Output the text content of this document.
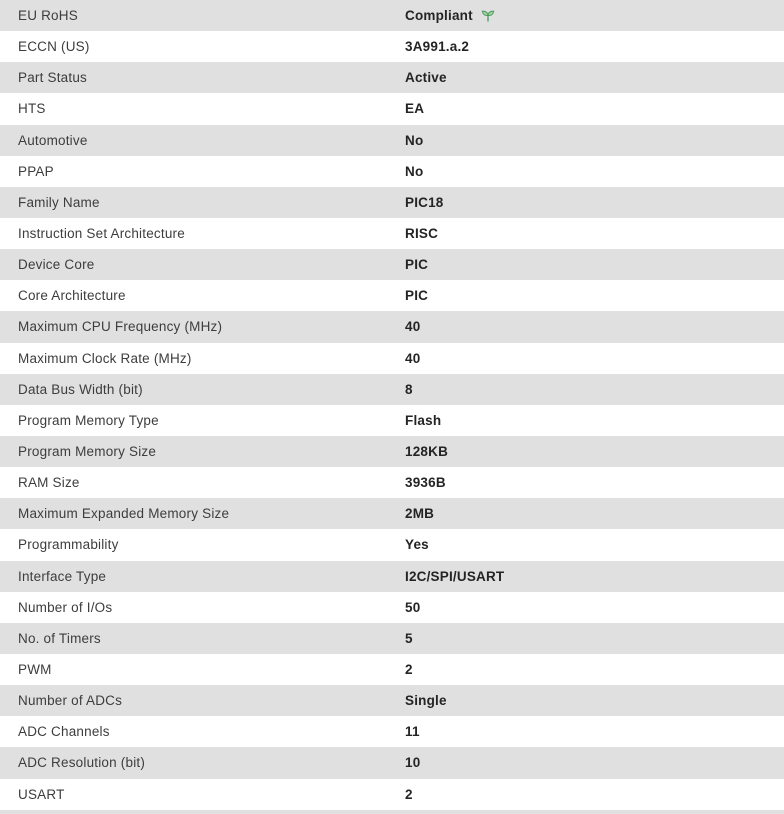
EU RoHS	Compliant
ECCN (US)	3A991.a.2
Part Status	Active
HTS	EA
Automotive	No
PPAP	No
Family Name	PIC18
Instruction Set Architecture	RISC
Device Core	PIC
Core Architecture	PIC
Maximum CPU Frequency (MHz)	40
Maximum Clock Rate (MHz)	40
Data Bus Width (bit)	8
Program Memory Type	Flash
Program Memory Size	128KB
RAM Size	3936B
Maximum Expanded Memory Size	2MB
Programmability	Yes
Interface Type	I2C/SPI/USART
Number of I/Os	50
No. of Timers	5
PWM	2
Number of ADCs	Single
ADC Channels	11
ADC Resolution (bit)	10
USART	2
